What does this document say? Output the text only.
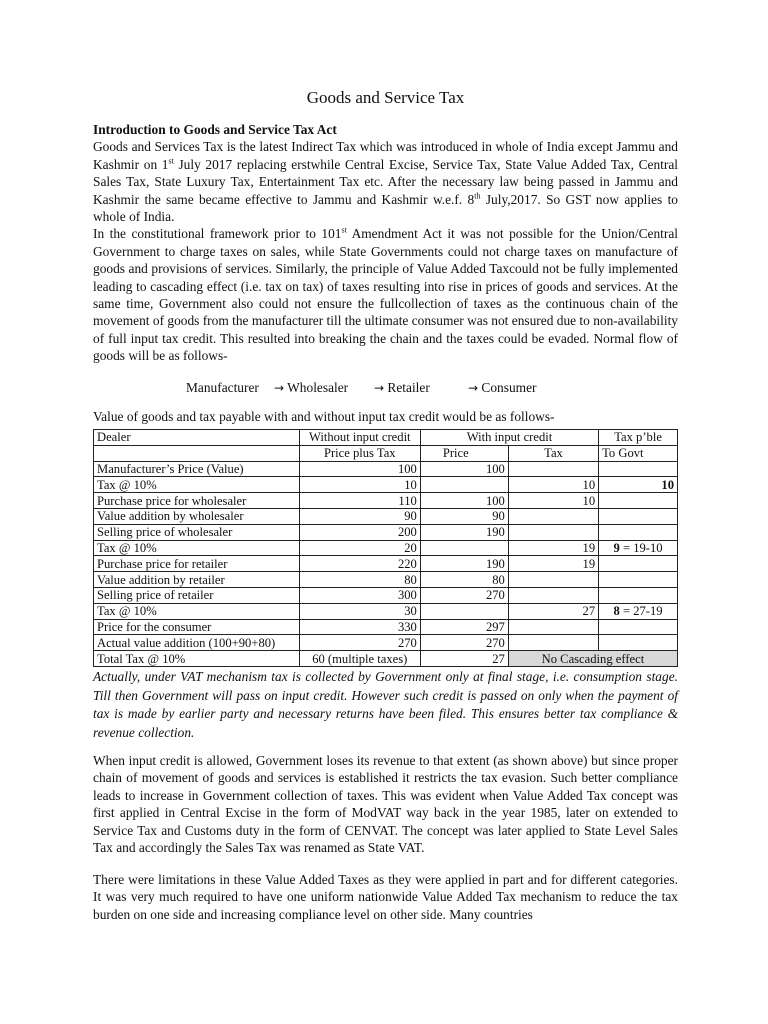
Goods and Service Tax
Introduction to Goods and Service Tax Act
Goods and Services Tax is the latest Indirect Tax which was introduced in whole of India except Jammu and Kashmir on 1st July 2017 replacing erstwhile Central Excise, Service Tax, State Value Added Tax, Central Sales Tax, State Luxury Tax, Entertainment Tax etc. After the necessary law being passed in Jammu and Kashmir the same became effective to Jammu and Kashmir w.e.f. 8th July,2017. So GST now applies to whole of India.
In the constitutional framework prior to 101st Amendment Act it was not possible for the Union/Central Government to charge taxes on sales, while State Governments could not charge taxes on manufacture of goods and provisions of services. Similarly, the principle of Value Added Taxcould not be fully implemented leading to cascading effect (i.e. tax on tax) of taxes resulting into rise in prices of goods and services. At the same time, Government also could not ensure the fullcollection of taxes as the continuous chain of the movement of goods from the manufacturer till the ultimate consumer was not ensured due to non-availability of full input tax credit. This resulted into breaking the chain and the taxes could be evaded. Normal flow of goods will be as follows-
Manufacturer → Wholesaler → Retailer	→ Consumer
Value of goods and tax payable with and without input tax credit would be as follows-
Dealer	Without input credit	With input credit		Tax p’ble
	Price plus Tax	Price	Tax	To Govt
Manufacturer’s Price (Value)	100	100		
Tax @ 10%	10		10	10
Purchase price for wholesaler	110	100	10	
Value addition by wholesaler	90	90		
Selling price of wholesaler	200	190		
Tax @ 10%	20		19	9 = 19-10
Purchase price for retailer	220	190	19	
Value addition by retailer	80	80		
Selling price of retailer	300	270		
Tax @ 10%	30		27	8 = 27-19
Price for the consumer	330	297		
Actual value addition (100+90+80)	270	270		
Total Tax @ 10%	60 (multiple taxes)	27	No Cascading effect	
Actually, under VAT mechanism tax is collected by Government only at final stage, i.e. consumption stage. Till then Government will pass on input credit. However such credit is passed on only when the payment of tax is made by earlier party and necessary returns have been filed. This ensures better tax compliance & revenue collection.
When input credit is allowed, Government loses its revenue to that extent (as shown above) but since proper chain of movement of goods and services is established it restricts the tax evasion. Such better compliance leads to increase in Government collection of taxes. This was evident when Value Added Tax concept was first applied in Central Excise in the form of ModVAT way back in the year 1985, later on extended to Service Tax and Customs duty in the form of CENVAT. The concept was later applied to State Level Sales Tax and accordingly the Sales Tax was renamed as State VAT.
There were limitations in these Value Added Taxes as they were applied in part and for different categories. It was very much required to have one uniform nationwide Value Added Tax mechanism to reduce the tax burden on one side and increasing compliance level on other side. Many countries
